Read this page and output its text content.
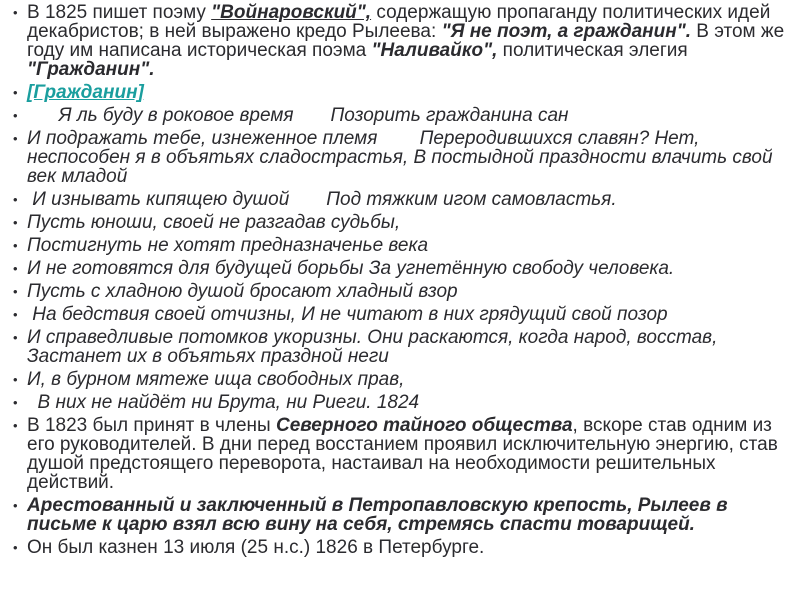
• В 1825 пишет поэму "Войнаровский", содержащую пропаганду политических идей декабристов; в ней выражено кредо Рылеева: "Я не поэт, а гражданин". В этом же году им написана историческая поэма "Наливайко", политическая элегия "Гражданин".
• [Гражданин]
• Я ль буду в роковое время       Позорить гражданина сан
• И подражать тебе, изнеженное племя        Переродившихся славян? Нет, неспособен я в объятьях сладострастья, В постыдной праздности влачить свой век младой
• И изнывать кипящею душой       Под тяжким игом самовластья.
• Пусть юноши, своей не разгадав судьбы,
• Постигнуть не хотят предназначенье века
• И не готовятся для будущей борьбы За угнетённую свободу человека.
• Пусть с хладною душой бросают хладный взор
• На бедствия своей отчизны, И не читают в них грядущий свой позор
• И справедливые потомков укоризны. Они раскаются, когда народ, восстав, Застанет их в объятьях праздной неги
• И, в бурном мятеже ища свободных прав,
• В них не найдёт ни Брута, ни Риеги. 1824
• В 1823 был принят в члены Северного тайного общества, вскоре став одним из его руководителей. В дни перед восстанием проявил исключительную энергию, став душой предстоящего переворота, настаивал на необходимости решительных действий.
• Арестованный и заключенный в Петропавловскую крепость, Рылеев в письме к царю взял всю вину на себя, стремясь спасти товарищей.
• Он был казнен 13 июля (25 н.с.) 1826 в Петербурге.
